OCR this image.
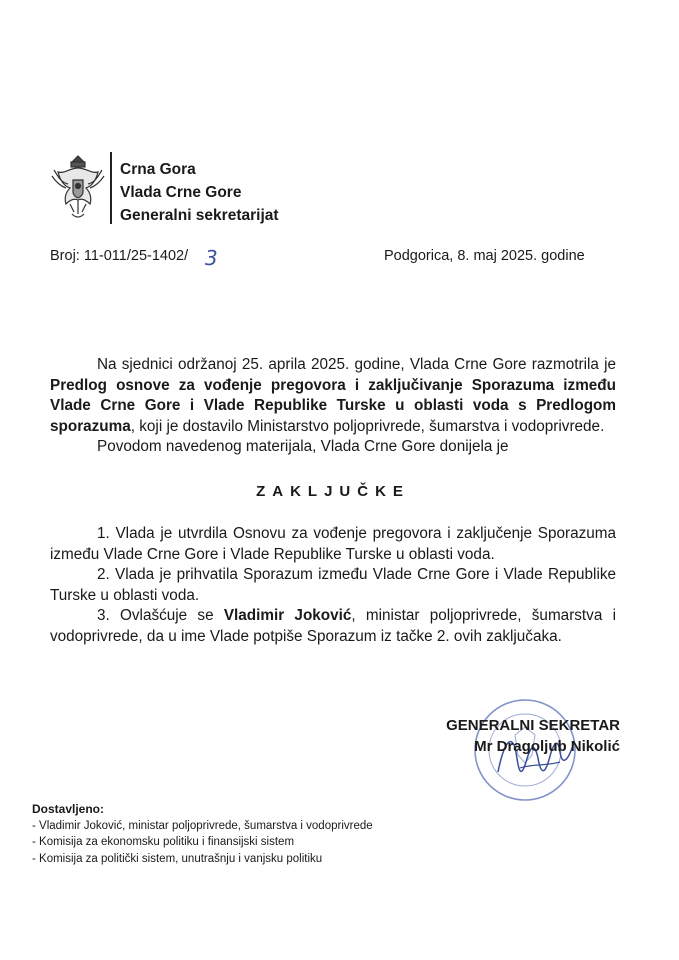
Crna Gora
Vlada Crne Gore
Generalni sekretarijat
Broj: 11-011/25-1402/ 3	Podgorica, 8. maj 2025. godine

Na sjednici održanoj 25. aprila 2025. godine, Vlada Crne Gore razmotrila je Predlog osnove za vođenje pregovora i zaključivanje Sporazuma između Vlade Crne Gore i Vlade Republike Turske u oblasti voda s Predlogom sporazuma, koji je dostavilo Ministarstvo poljoprivrede, šumarstva i vodoprivrede.

Povodom navedenog materijala, Vlada Crne Gore donijela je

ZAKLJUČKE

1. Vlada je utvrdila Osnovu za vođenje pregovora i zaključenje Sporazuma između Vlade Crne Gore i Vlade Republike Turske u oblasti voda.

2. Vlada je prihvatila Sporazum između Vlade Crne Gore i Vlade Republike Turske u oblasti voda.

3. Ovlašćuje se Vladimir Joković, ministar poljoprivrede, šumarstva i vodoprivrede, da u ime Vlade potpiše Sporazum iz tačke 2. ovih zaključaka.

GENERALNI SEKRETAR
Mr Dragoljub Nikolić
Dostavljeno:
- Vladimir Joković, ministar poljoprivrede, šumarstva i vodoprivrede
- Komisija za ekonomsku politiku i finansijski sistem
- Komisija za politički sistem, unutrašnju i vanjsku politiku
